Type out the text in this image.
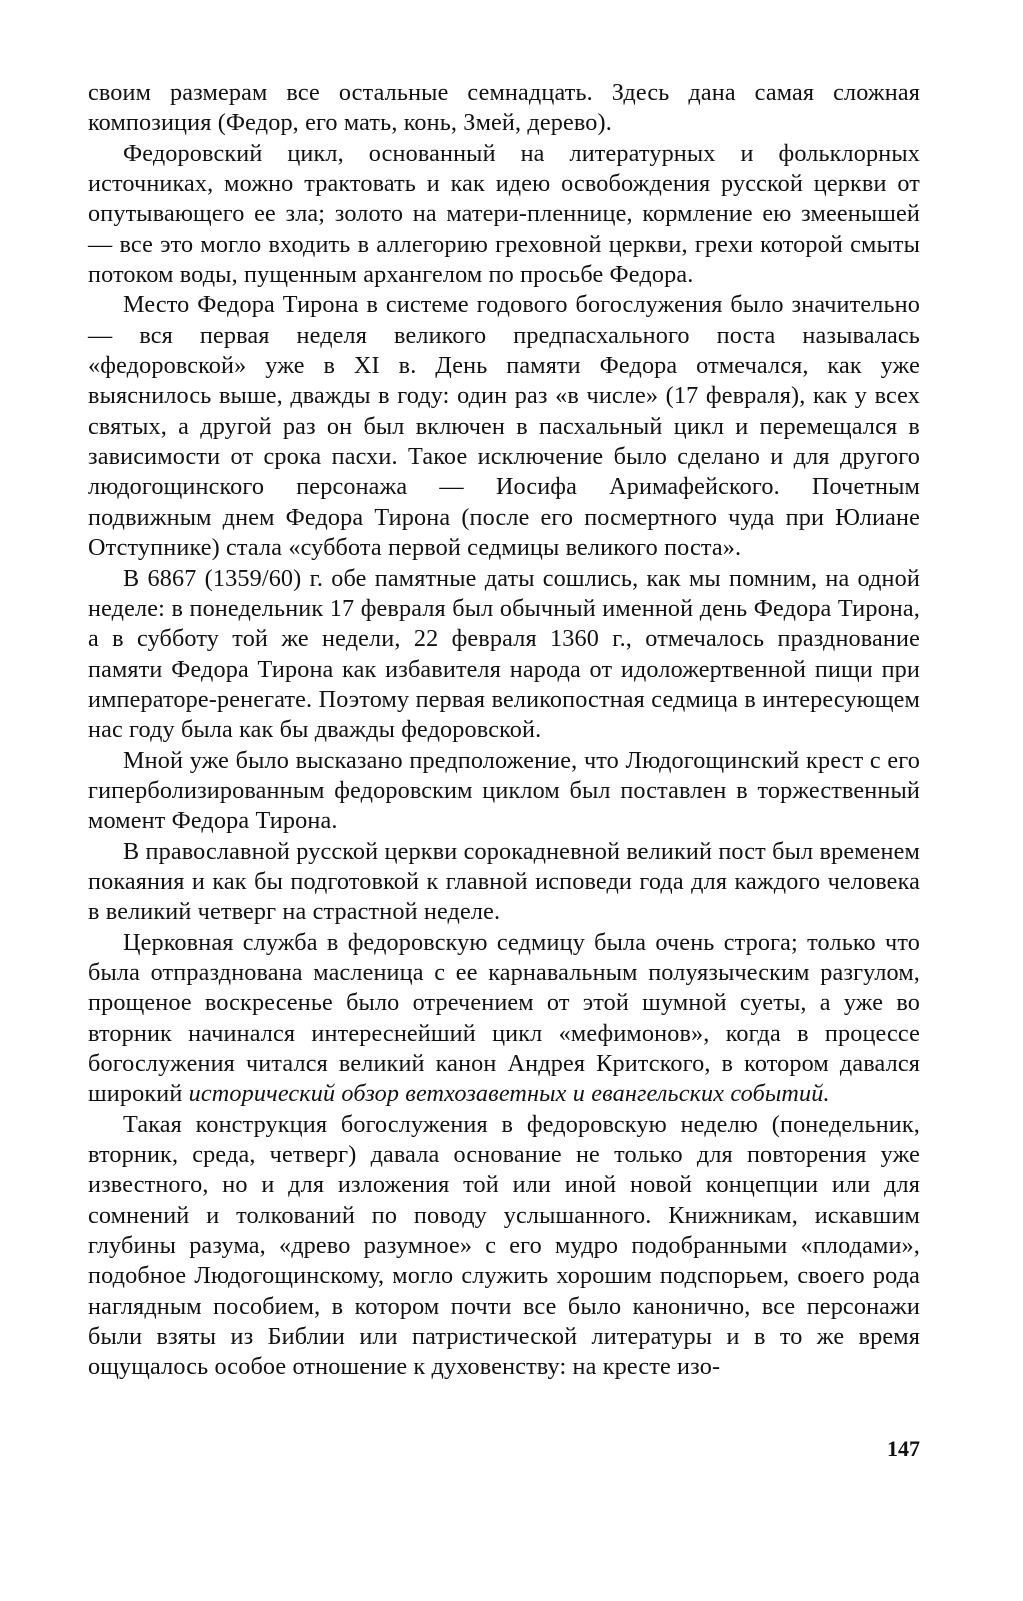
своим размерам все остальные семнадцать. Здесь дана самая сложная композиция (Федор, его мать, конь, Змей, дерево).

Федоровский цикл, основанный на литературных и фольклорных источниках, можно трактовать и как идею освобождения русской церкви от опутывающего ее зла; золото на матери-пленнице, кормление ею змеенышей — все это могло входить в аллегорию греховной церкви, грехи которой смыты потоком воды, пущенным архангелом по просьбе Федора.

Место Федора Тирона в системе годового богослужения было значительно — вся первая неделя великого предпасхального поста называлась «федоровской» уже в XI в. День памяти Федора отмечался, как уже выяснилось выше, дважды в году: один раз «в числе» (17 февраля), как у всех святых, а другой раз он был включен в пасхальный цикл и перемещался в зависимости от срока пасхи. Такое исключение было сделано и для другого людогощинского персонажа — Иосифа Аримафейского. Почетным подвижным днем Федора Тирона (после его посмертного чуда при Юлиане Отступнике) стала «суббота первой седмицы великого поста».

В 6867 (1359/60) г. обе памятные даты сошлись, как мы помним, на одной неделе: в понедельник 17 февраля был обычный именной день Федора Тирона, а в субботу той же недели, 22 февраля 1360 г., отмечалось празднование памяти Федора Тирона как избавителя народа от идоложертвенной пищи при императоре-ренегате. Поэтому первая великопостная седмица в интересующем нас году была как бы дважды федоровской.

Мной уже было высказано предположение, что Людогощинский крест с его гиперболизированным федоровским циклом был поставлен в торжественный момент Федора Тирона.

В православной русской церкви сорокадневной великий пост был временем покаяния и как бы подготовкой к главной исповеди года для каждого человека в великий четверг на страстной неделе.

Церковная служба в федоровскую седмицу была очень строга; только что была отпразднована масленица с ее карнавальным полуязыческим разгулом, прощеное воскресенье было отречением от этой шумной суеты, а уже во вторник начинался интереснейший цикл «мефимонов», когда в процессе богослужения читался великий канон Андрея Критского, в котором давался широкий исторический обзор ветхозаветных и евангельских событий.

Такая конструкция богослужения в федоровскую неделю (понедельник, вторник, среда, четверг) давала основание не только для повторения уже известного, но и для изложения той или иной новой концепции или для сомнений и толкований по поводу услышанного. Книжникам, искавшим глубины разума, «древо разумное» с его мудро подобранными «плодами», подобное Людогощинскому, могло служить хорошим подспорьем, своего рода наглядным пособием, в котором почти все было канонично, все персонажи были взяты из Библии или патристической литературы и в то же время ощущалось особое отношение к духовенству: на кресте изо-

147
